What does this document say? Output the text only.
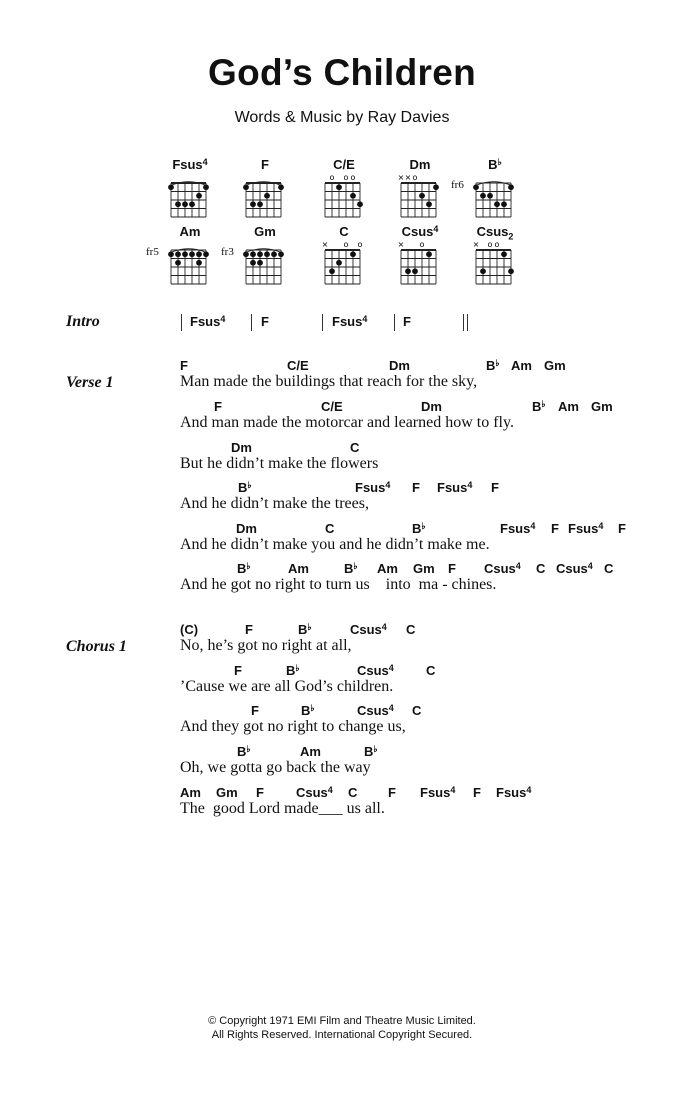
God’s Children
Words & Music by Ray Davies
Fsus$^4$	F	C/E
o o o
Dm
× × o
B♭
fr6
Am
fr5
Gm
fr3
C
× o o
Csus$^4$
× o
Csus$_2$
× o o
Intro	Fsus$^4$	F	Fsus$^4$	F
Verse 1
Chorus 1
F	C/E	Dm	B♭ Am Gm
Man made the buildings that reach for the sky,
F	C/E	Dm	B♭ Am Gm
And man made the motorcar and learned how to fly.
Dm	C
But he didn’t make the flowers
B♭	Fsus$^4$ F Fsus$^4$ F
And he didn’t make the trees,
Dm	C	B♭	Fsus$^4$ F Fsus$^4$ F
And he didn’t make you and he didn’t make me.
B♭	Am	B♭ Am Gm F Csus$^4$ C Csus$^4$ C
And he got no right to turn us    into  ma - chines.
(C)	F	B♭	Csus$^4$ C
No, he’s got no right at all,
F	B♭	Csus$^4$ C
’Cause we are all God’s children.
F	B♭	Csus$^4$ C
And they got no right to change us,
B♭	Am	B♭
Oh, we gotta go back the way
Am Gm F Csus$^4$ C F Fsus$^4$ F Fsus$^4$
The  good Lord made___ us all.
© Copyright 1971 EMI Film and Theatre Music Limited.
All Rights Reserved. International Copyright Secured.
